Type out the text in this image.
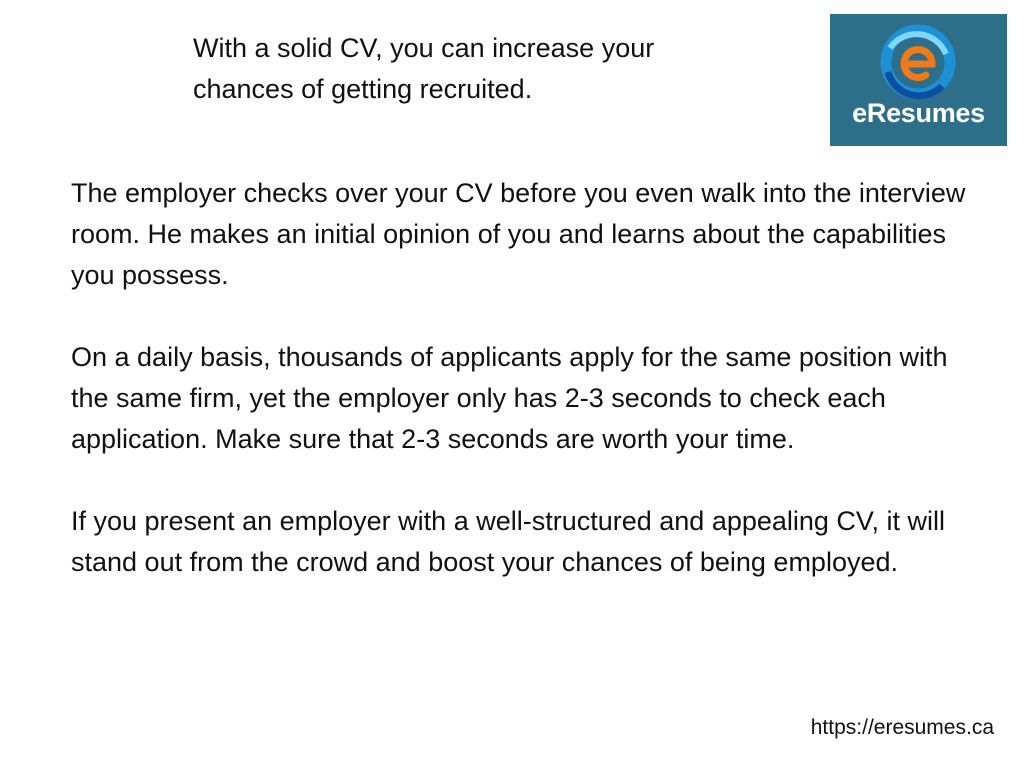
With a solid CV, you can increase your chances of getting recruited.
eResumes

The employer checks over your CV before you even walk into the interview room. He makes an initial opinion of you and learns about the capabilities you possess.

On a daily basis, thousands of applicants apply for the same position with the same firm, yet the employer only has 2-3 seconds to check each application. Make sure that 2-3 seconds are worth your time.

If you present an employer with a well-structured and appealing CV, it will stand out from the crowd and boost your chances of being employed.

https://eresumes.ca
